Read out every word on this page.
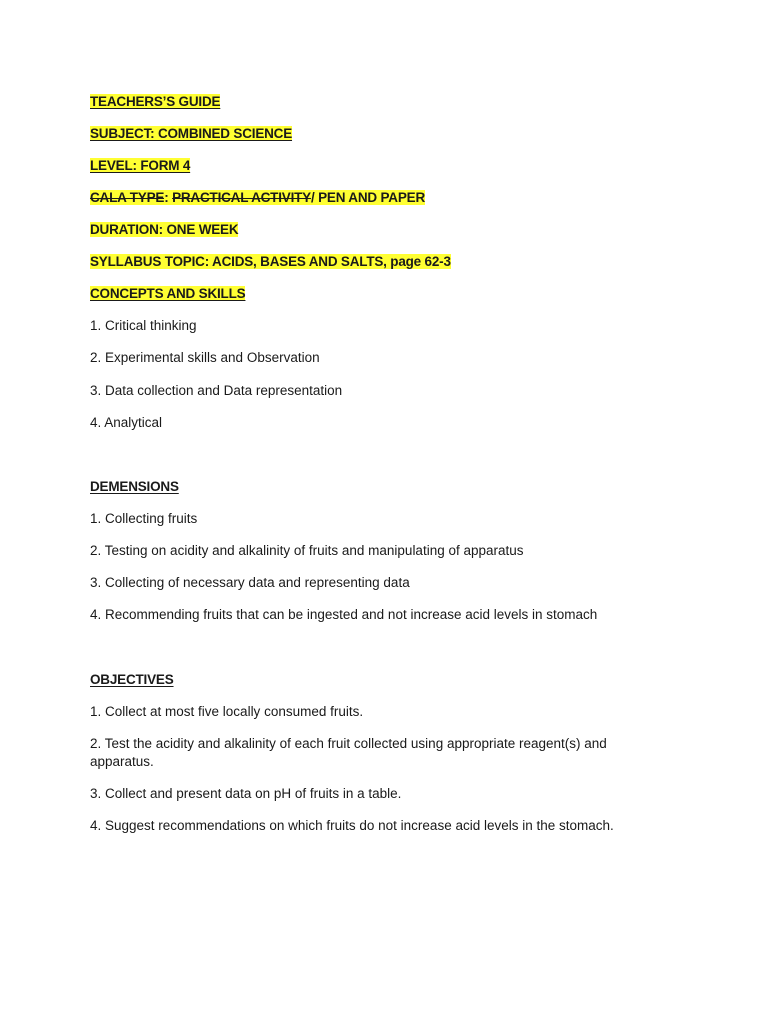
TEACHERS’S GUIDE
SUBJECT: COMBINED SCIENCE
LEVEL: FORM 4
CALA TYPE: PRACTICAL ACTIVITY/ PEN AND PAPER
DURATION: ONE WEEK
SYLLABUS TOPIC: ACIDS, BASES AND SALTS, page 62-3
CONCEPTS AND SKILLS
1. Critical thinking
2. Experimental skills and Observation
3. Data collection and Data representation
4. Analytical
DEMENSIONS
1. Collecting fruits
2. Testing on acidity and alkalinity of fruits and manipulating of apparatus
3. Collecting of necessary data and representing data
4. Recommending fruits that can be ingested and not increase acid levels in stomach
OBJECTIVES
1. Collect at most five locally consumed fruits.
2. Test the acidity and alkalinity of each fruit collected using appropriate reagent(s) and apparatus.
3. Collect and present data on pH of fruits in a table.
4. Suggest recommendations on which fruits do not increase acid levels in the stomach.
